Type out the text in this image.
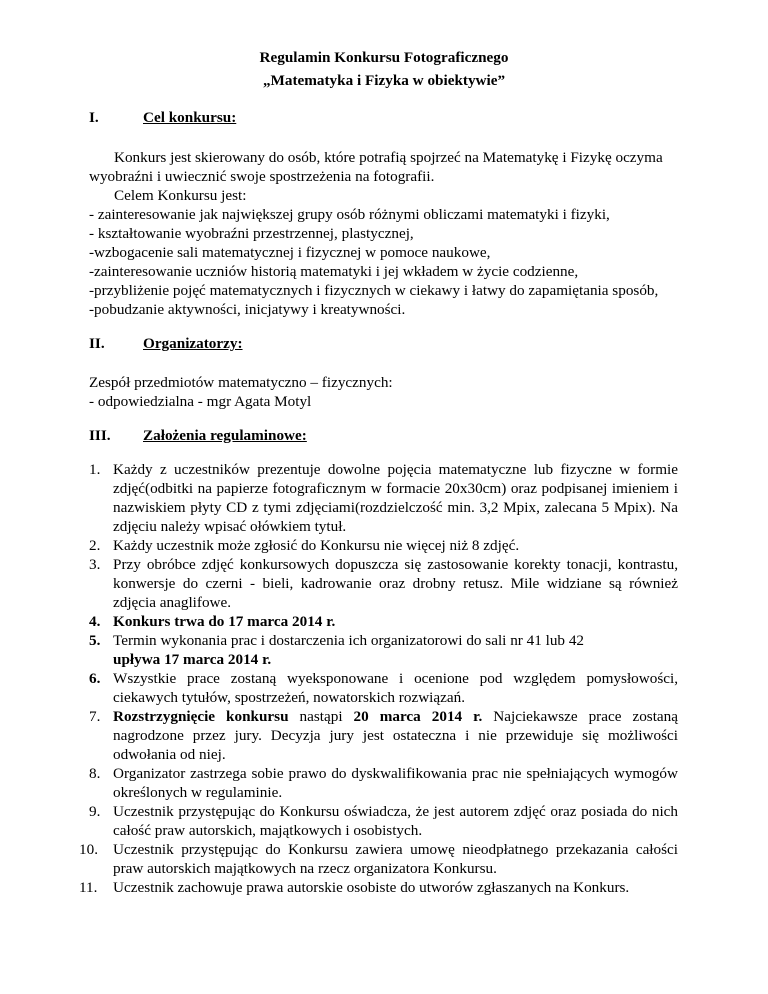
Regulamin Konkursu Fotograficznego
„Matematyka i Fizyka w obiektywie”
I.	Cel konkursu:
Konkurs jest skierowany do osób, które potrafią spojrzeć na Matematykę i Fizykę oczyma
wyobraźni i uwiecznić swoje spostrzeżenia na fotografii.
Celem Konkursu jest:
- zainteresowanie jak największej grupy osób różnymi obliczami matematyki i fizyki,
- kształtowanie wyobraźni przestrzennej, plastycznej,
-wzbogacenie sali matematycznej i fizycznej w pomoce naukowe,
-zainteresowanie uczniów historią matematyki i jej wkładem w życie codzienne,
-przybliżenie pojęć matematycznych i fizycznych w ciekawy i łatwy do zapamiętania sposób,
-pobudzanie aktywności, inicjatywy i kreatywności.
II.	Organizatorzy:
Zespół przedmiotów matematyczno – fizycznych:
- odpowiedzialna - mgr Agata Motyl
III. Założenia regulaminowe:
1. Każdy z uczestników prezentuje dowolne pojęcia matematyczne lub fizyczne w formie zdjęć(odbitki na papierze fotograficznym w formacie 20x30cm) oraz podpisanej imieniem i nazwiskiem płyty CD z tymi zdjęciami(rozdzielczość min. 3,2 Mpix, zalecana 5 Mpix). Na zdjęciu należy wpisać ołówkiem tytuł.
2. Każdy uczestnik może zgłosić do Konkursu nie więcej niż 8 zdjęć.
3. Przy obróbce zdjęć konkursowych dopuszcza się zastosowanie korekty tonacji, kontrastu, konwersje do czerni - bieli, kadrowanie oraz drobny retusz. Mile widziane są również zdjęcia anaglifowe.
4. Konkurs trwa do 17 marca 2014 r.
5. Termin wykonania prac i dostarczenia ich organizatorowi do sali nr 41 lub 42
upływa 17 marca 2014 r.
6. Wszystkie prace zostaną wyeksponowane i ocenione pod względem pomysłowości, ciekawych tytułów, spostrzeżeń, nowatorskich rozwiązań.
7. Rozstrzygnięcie konkursu nastąpi 20 marca 2014 r. Najciekawsze prace zostaną nagrodzone przez jury. Decyzja jury jest ostateczna i nie przewiduje się możliwości odwołania od niej.
8. Organizator zastrzega sobie prawo do dyskwalifikowania prac nie spełniających wymogów określonych w regulaminie.
9. Uczestnik przystępując do Konkursu oświadcza, że jest autorem zdjęć oraz posiada do nich całość praw autorskich, majątkowych i osobistych.
10. Uczestnik przystępując do Konkursu zawiera umowę nieodpłatnego przekazania całości praw autorskich majątkowych na rzecz organizatora Konkursu.
11. Uczestnik zachowuje prawa autorskie osobiste do utworów zgłaszanych na Konkurs.
